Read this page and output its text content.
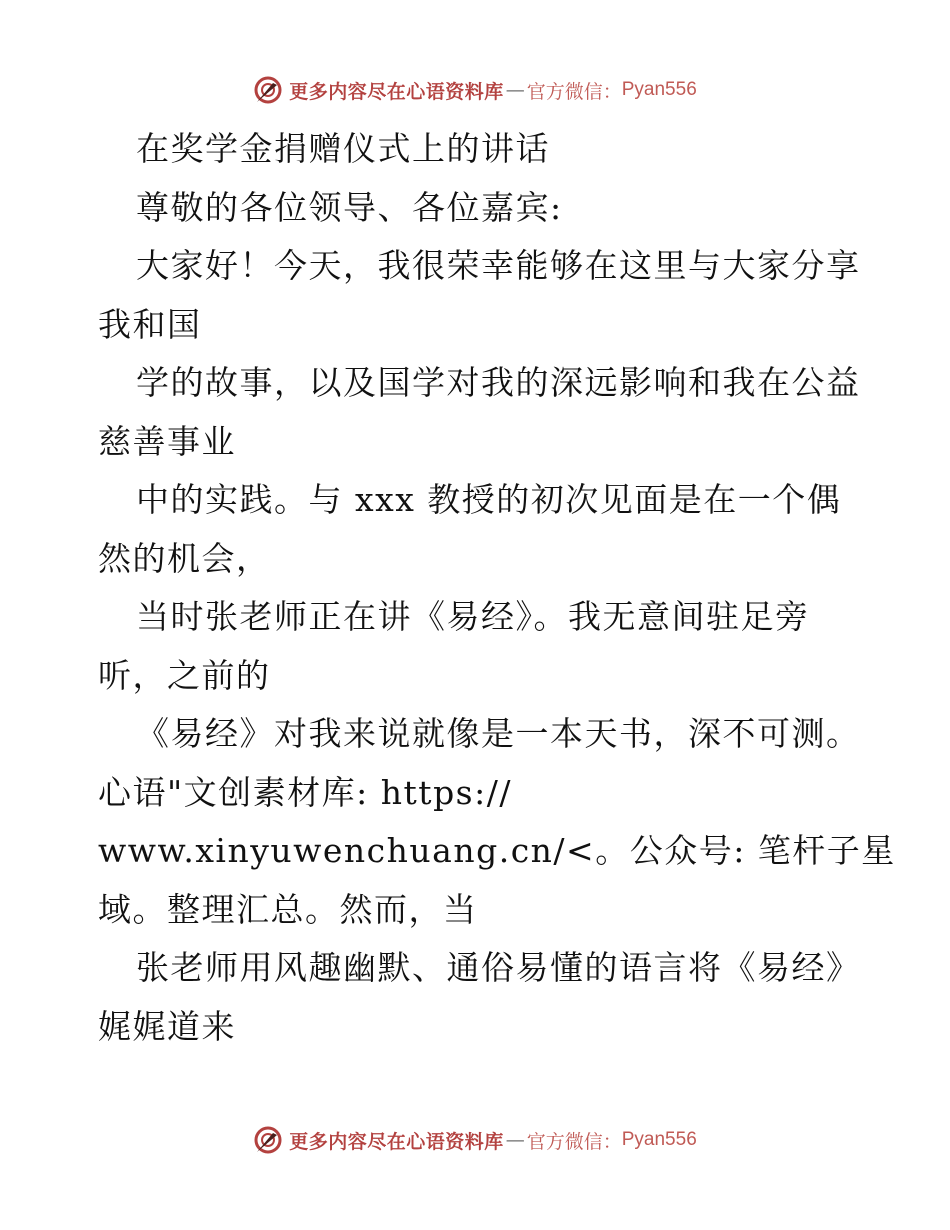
更多内容尽在心语资料库 — 官方微信： Pyan556
在奖学金捐赠仪式上的讲话
尊敬的各位领导、各位嘉宾:
大家好！今天，我很荣幸能够在这里与大家分享
我和国
学的故事，以及国学对我的深远影响和我在公益
慈善事业
中的实践。与 xxx 教授的初次见面是在一个偶
然的机会，
当时张老师正在讲《易经》。我无意间驻足旁
听，之前的
《易经》对我来说就像是一本天书，深不可测。
心语"文创素材库: https://
www.xinyuwenchuang.cn/<。公众号: 笔杆子星
域。整理汇总。然而，当
张老师用风趣幽默、通俗易懂的语言将《易经》
娓娓道来
更多内容尽在心语资料库 — 官方微信： Pyan556
